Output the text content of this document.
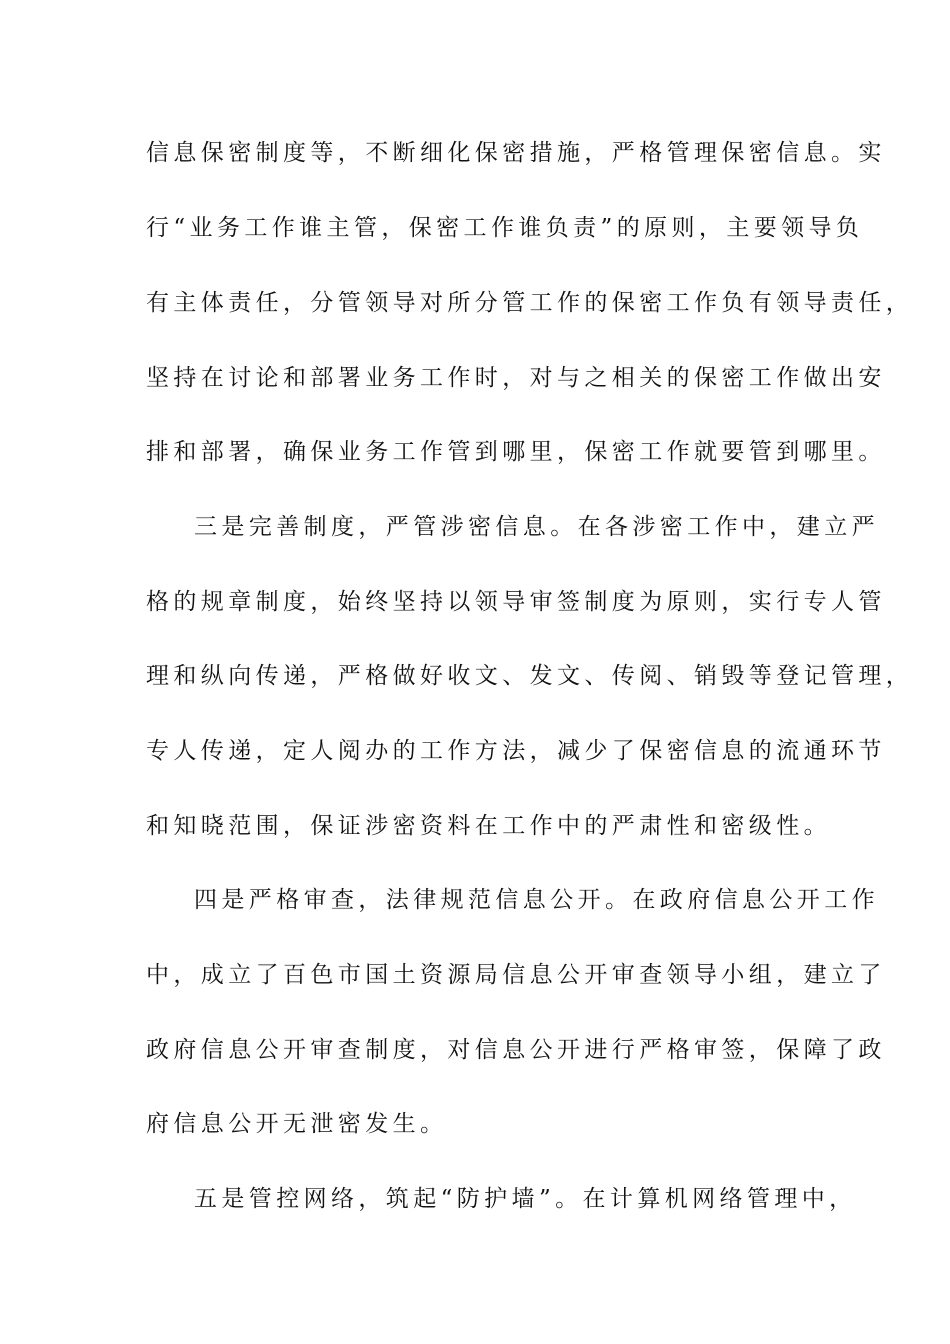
信息保密制度等，不断细化保密措施，严格管理保密信息。实
行“业务工作谁主管，保密工作谁负责”的原则，主要领导负
有主体责任，分管领导对所分管工作的保密工作负有领导责任，
坚持在讨论和部署业务工作时，对与之相关的保密工作做出安
排和部署，确保业务工作管到哪里，保密工作就要管到哪里。
三是完善制度，严管涉密信息。在各涉密工作中，建立严
格的规章制度，始终坚持以领导审签制度为原则，实行专人管
理和纵向传递，严格做好收文、发文、传阅、销毁等登记管理，
专人传递，定人阅办的工作方法，减少了保密信息的流通环节
和知晓范围，保证涉密资料在工作中的严肃性和密级性。
四是严格审查，法律规范信息公开。在政府信息公开工作
中，成立了百色市国土资源局信息公开审查领导小组，建立了
政府信息公开审查制度，对信息公开进行严格审签，保障了政
府信息公开无泄密发生。
五是管控网络，筑起“防护墙”。在计算机网络管理中，
